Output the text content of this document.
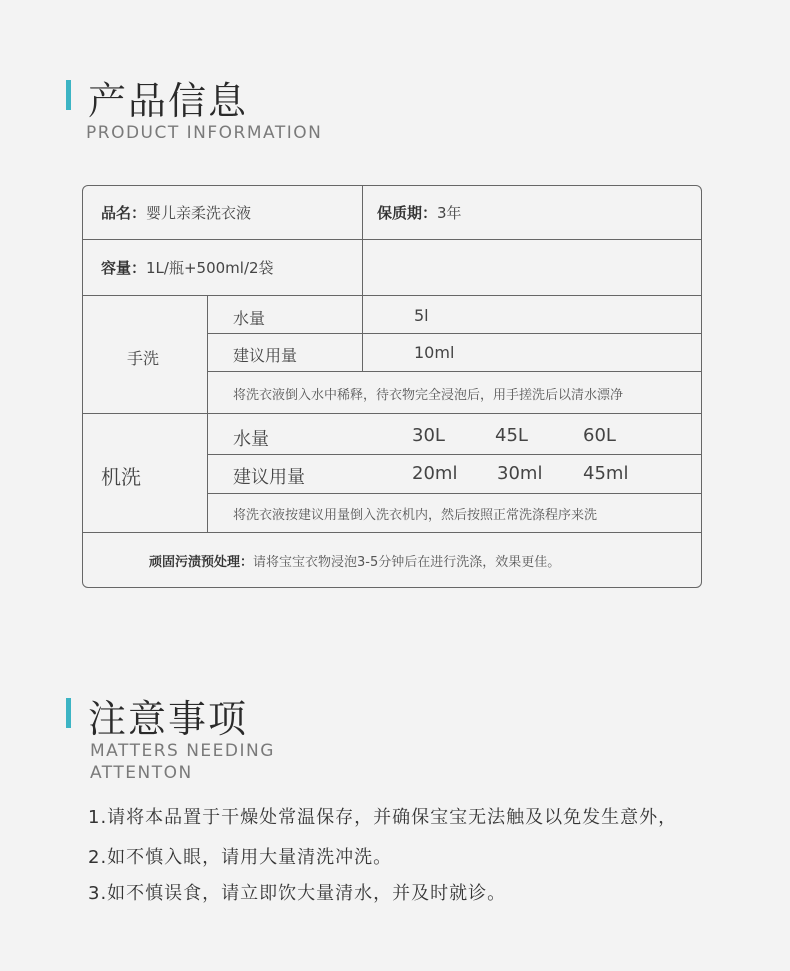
产品信息
PRODUCT INFORMATION
品名：婴儿亲柔洗衣液	保质期：3年
容量：1L/瓶+500ml/2袋
手洗
水量	5l
建议用量	10ml
将洗衣液倒入水中稀释，待衣物完全浸泡后，用手搓洗后以清水漂净
机洗
水量	30L	45L	60L
建议用量	20ml 30ml 45ml
将洗衣液按建议用量倒入洗衣机内，然后按照正常洗涤程序来洗
顽固污渍预处理：请将宝宝衣物浸泡3-5分钟后在进行洗涤，效果更佳。
注意事项
MATTERS NEEDING
ATTENTON
1.请将本品置于干燥处常温保存，并确保宝宝无法触及以免发生意外，
2.如不慎入眼，请用大量清洗冲洗。
3.如不慎误食，请立即饮大量清水，并及时就诊。
